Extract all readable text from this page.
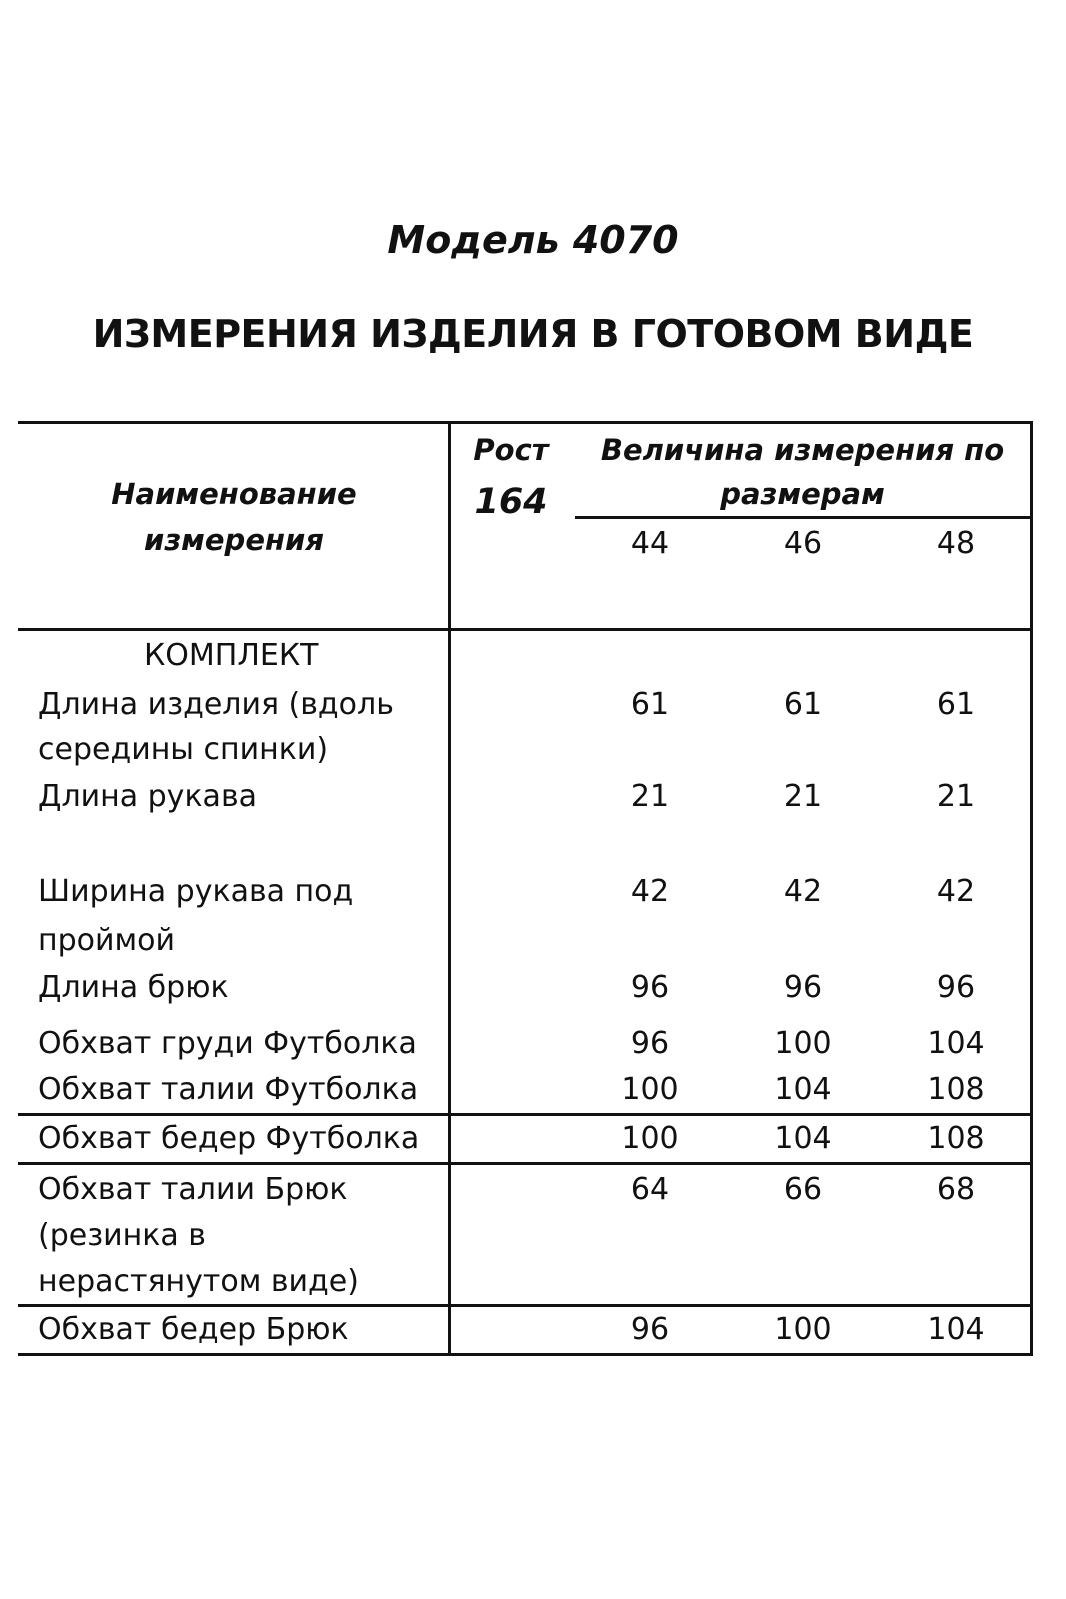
Модель 4070
ИЗМЕРЕНИЯ ИЗДЕЛИЯ В ГОТОВОМ ВИДЕ
Наименование
измерения
Рост
164
Величина измерения по
размерам
44	46	48
КОМПЛЕКТ
Длина изделия (вдоль
середины спинки)
61	61	61
Длина рукава	21	21	21
Ширина рукава под
проймой
42	42	42
Длина брюк	96	96	96
Обхват груди Футболка	96	100	104
Обхват талии Футболка	100	104	108
Обхват бедер Футболка	100	104	108
Обхват талии Брюк
(резинка в
нерастянутом виде)
64	66	68
Обхват бедер Брюк	96	100	104
